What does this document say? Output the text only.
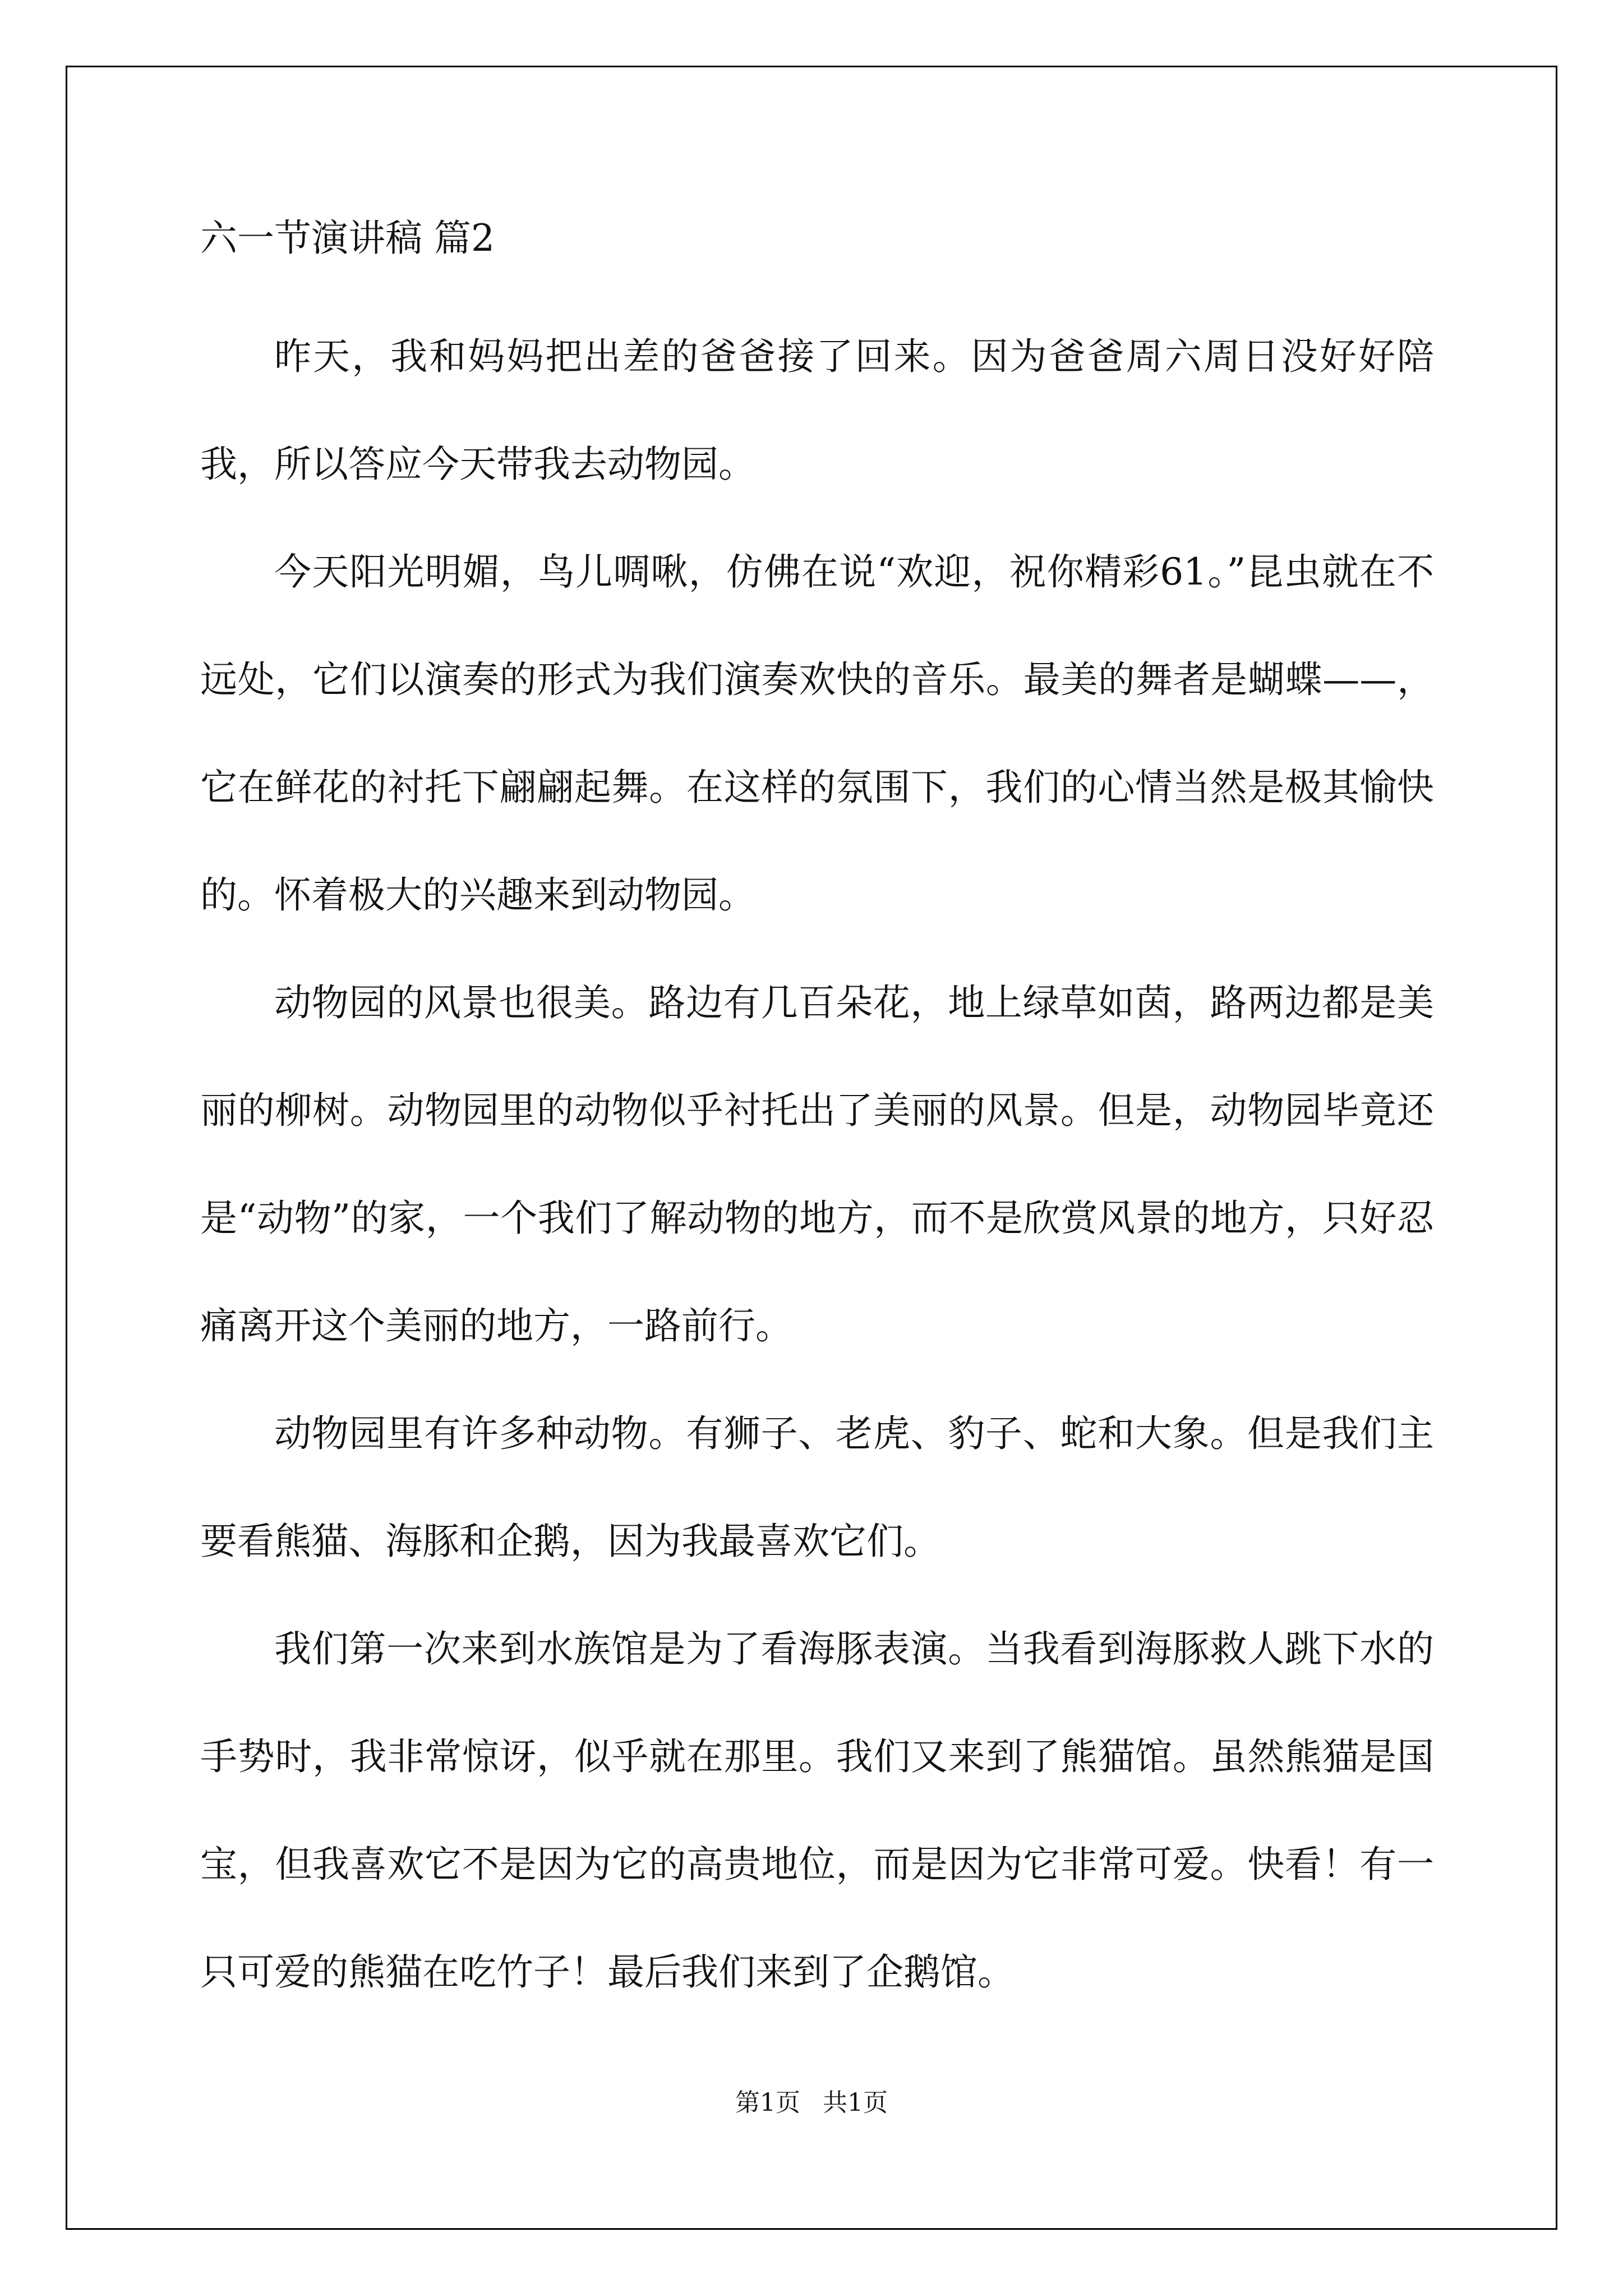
六一节演讲稿 篇2

昨天，我和妈妈把出差的爸爸接了回来。因为爸爸周六周日没好好陪我，所以答应今天带我去动物园。

今天阳光明媚，鸟儿啁啾，仿佛在说“欢迎，祝你精彩61。”昆虫就在不远处，它们以演奏的形式为我们演奏欢快的音乐。最美的舞者是蝴蝶——，它在鲜花的衬托下翩翩起舞。在这样的氛围下，我们的心情当然是极其愉快的。怀着极大的兴趣来到动物园。

动物园的风景也很美。路边有几百朵花，地上绿草如茵，路两边都是美丽的柳树。动物园里的动物似乎衬托出了美丽的风景。但是，动物园毕竟还是“动物”的家，一个我们了解动物的地方，而不是欣赏风景的地方，只好忍痛离开这个美丽的地方，一路前行。

动物园里有许多种动物。有狮子、老虎、豹子、蛇和大象。但是我们主要看熊猫、海豚和企鹅，因为我最喜欢它们。

我们第一次来到水族馆是为了看海豚表演。当我看到海豚救人跳下水的手势时，我非常惊讶，似乎就在那里。我们又来到了熊猫馆。虽然熊猫是国宝，但我喜欢它不是因为它的高贵地位，而是因为它非常可爱。快看！有一只可爱的熊猫在吃竹子！最后我们来到了企鹅馆。

第1页 共1页
